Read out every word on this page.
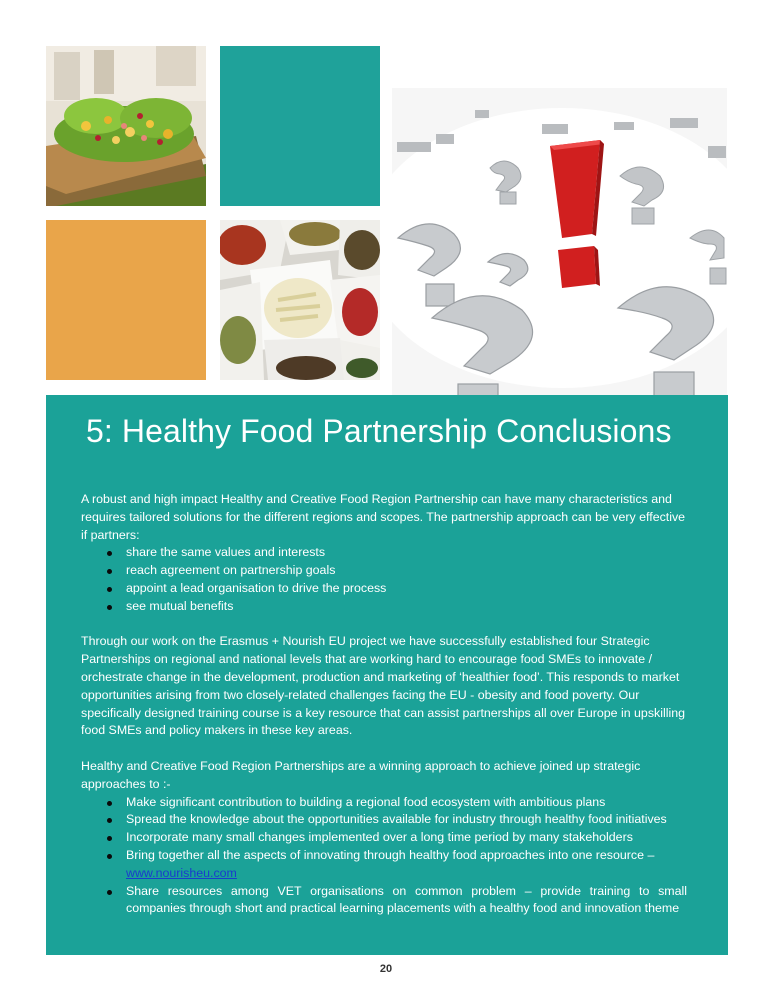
5: Healthy Food Partnership Conclusions

A robust and high impact Healthy and Creative Food Region Partnership can have many characteristics and requires tailored solutions for the different regions and scopes. The partnership approach can be very effective if partners:

share the same values and interests
reach agreement on partnership goals
appoint a lead organisation to drive the process
see mutual benefits

Through our work on the Erasmus + Nourish EU project we have successfully established four Strategic Partnerships on regional and national levels that are working hard to encourage food SMEs to innovate / orchestrate change in the development, production and marketing of ‘healthier food’. This responds to market opportunities arising from two closely-related challenges facing the EU - obesity and food poverty. Our specifically designed training course is a key resource that can assist partnerships all over Europe in upskilling food SMEs and policy makers in these key areas.

Healthy and Creative Food Region Partnerships are a winning approach to achieve joined up strategic approaches to :-

Make significant contribution to building a regional food ecosystem with ambitious plans
Spread the knowledge about the opportunities available for industry through healthy food initiatives
Incorporate many small changes implemented over a long time period by many stakeholders
Bring together all the aspects of innovating through healthy food approaches into one resource –
www.nourisheu.com
Share resources among VET organisations on common problem – provide training to small companies through short and practical learning placements with a healthy food and innovation theme
20
